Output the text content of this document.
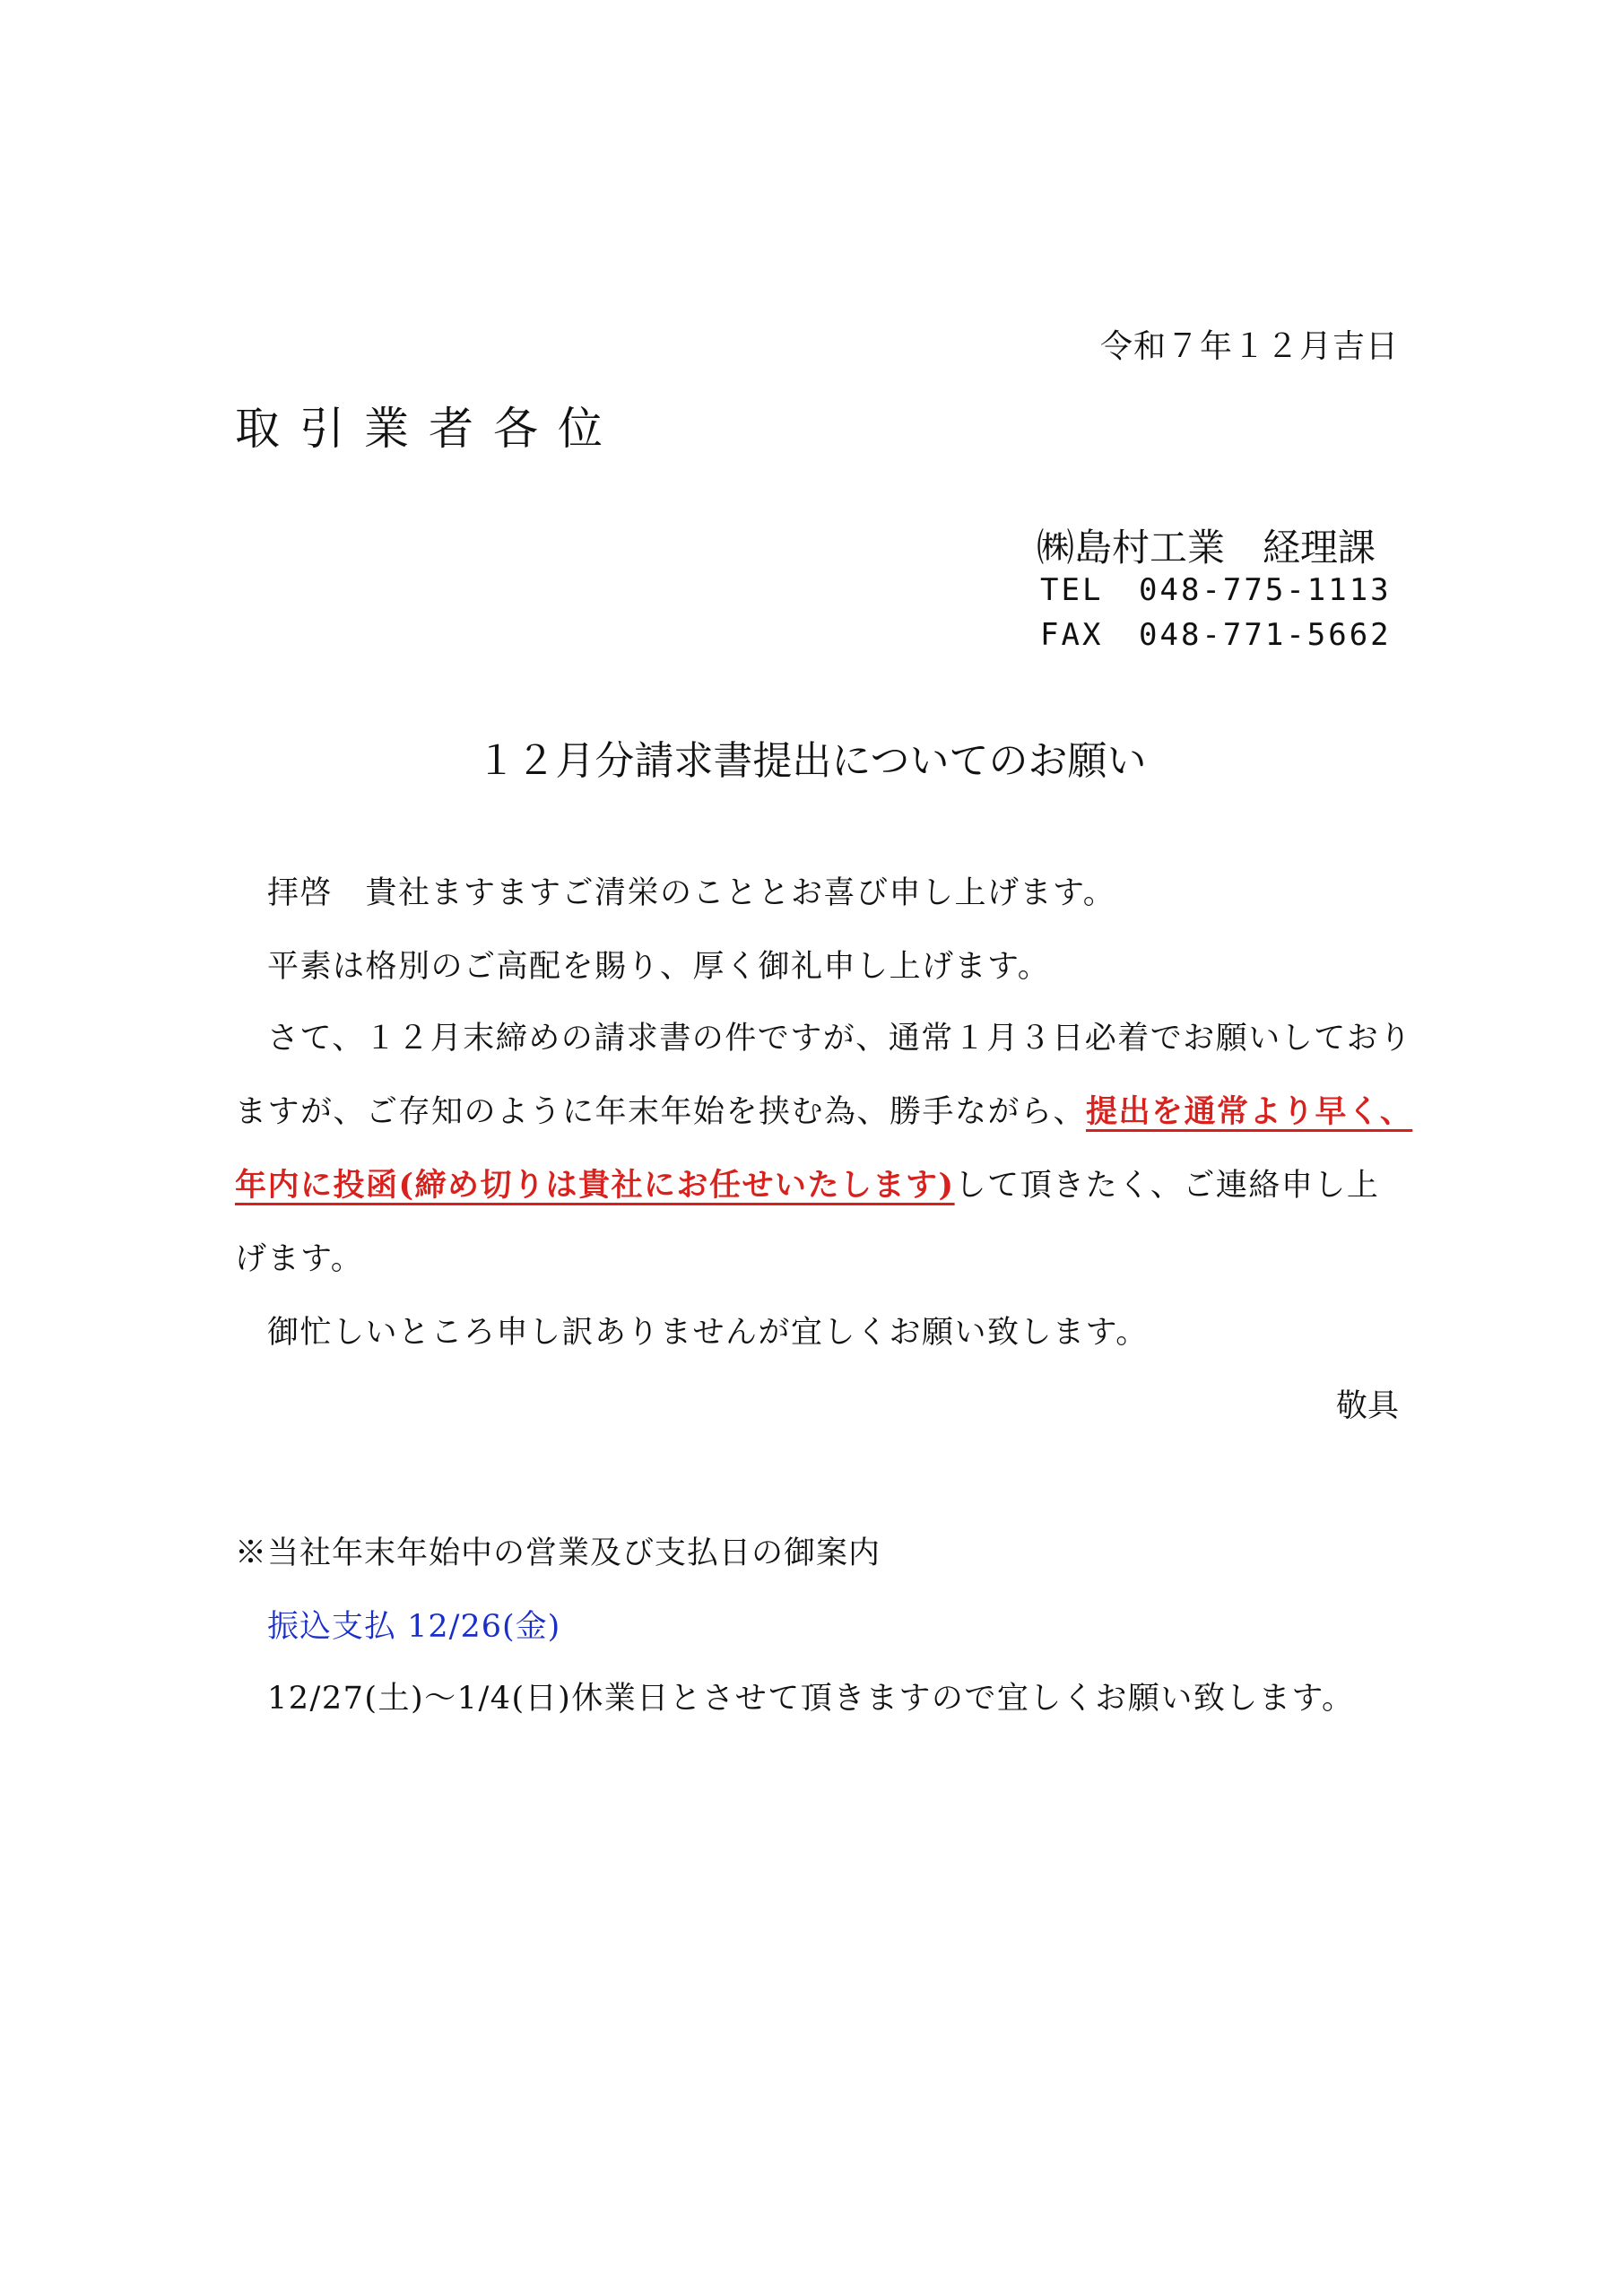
令和７年１２月吉日
取引業者各位
㈱島村工業　経理課
TEL 048-775-1113
FAX 048-771-5662
１２月分請求書提出についてのお願い
拝啓　貴社ますますご清栄のこととお喜び申し上げます。
平素は格別のご高配を賜り、厚く御礼申し上げます。
さて、１２月末締めの請求書の件ですが、通常１月３日必着でお願いしており
ますが、ご存知のように年末年始を挟む為、勝手ながら、提出を通常より早く、
年内に投函(締め切りは貴社にお任せいたします)して頂きたく、ご連絡申し上
げます。
御忙しいところ申し訳ありませんが宜しくお願い致します。
敬具
※当社年末年始中の営業及び支払日の御案内
振込支払 12/26(金)
12/27(土)～1/4(日)休業日とさせて頂きますので宜しくお願い致します。
